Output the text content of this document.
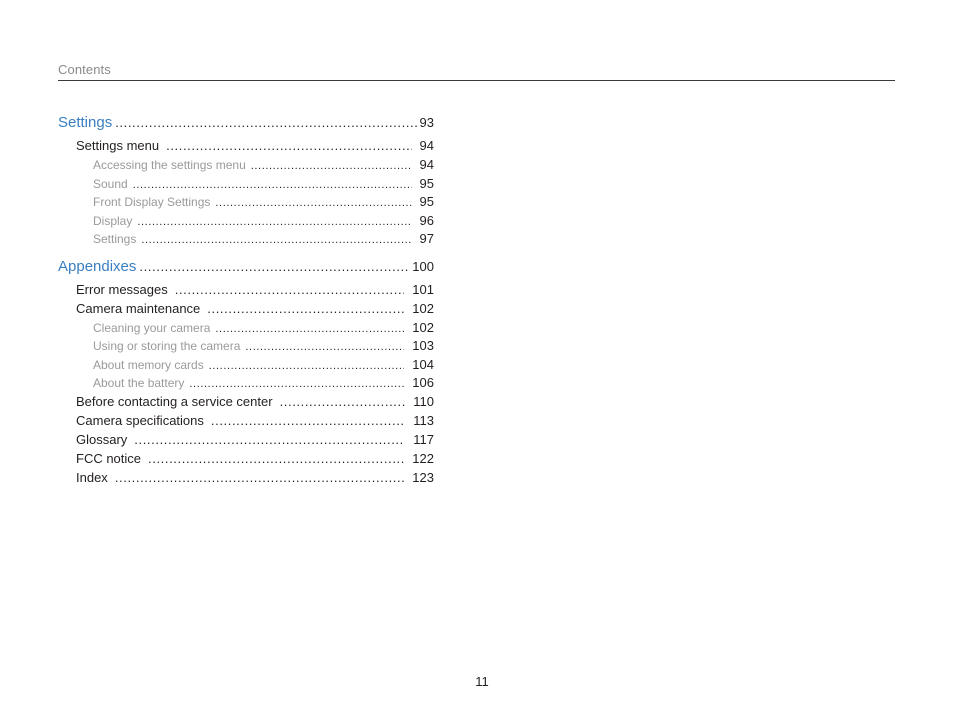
Contents
Settings .....	93
Settings menu .....	94
Accessing the settings menu .....	94
Sound .....	95
Front Display Settings .....	95
Display .....	96
Settings .....	97
Appendixes .....	100
Error messages .....	101
Camera maintenance .....	102
Cleaning your camera .....	102
Using or storing the camera .....	103
About memory cards .....	104
About the battery .....	106
Before contacting a service center .....	110
Camera specifications .....	113
Glossary .....	117
FCC notice .....	122
Index .....	123
11
